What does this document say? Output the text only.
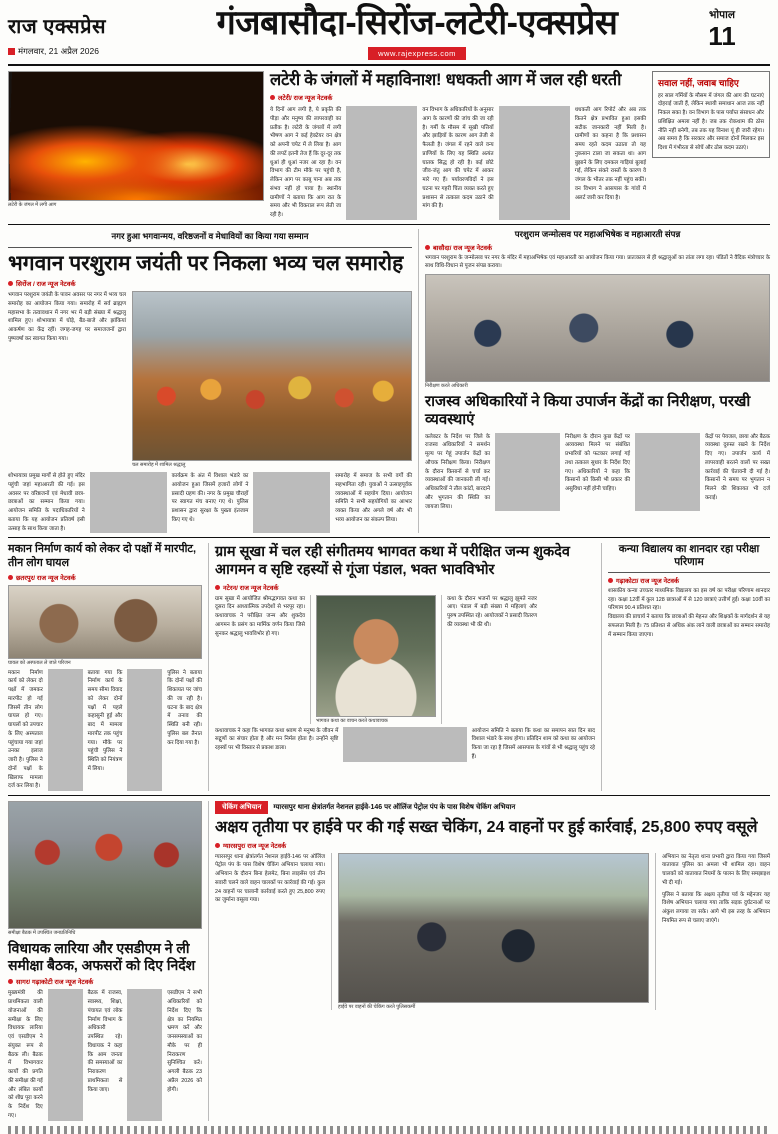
राज एक्सप्रेस
मंगलवार, 21 अप्रैल 2026
गंजबासौदा-सिरोंज-लटेरी-एक्सप्रेस
www.rajexpress.com
भोपाल
11
लटेरी के जंगल में लगी आग
लटेरी के जंगलों में महाविनाश! धधकती आग में जल रही धरती
लटेरी/ राज न्यूज नेटवर्क
ये दिनों आग लगी है, ये प्रकृति की पीड़ा और मनुष्य की लापरवाही का प्रतीक है। लटेरी के जंगलों में लगी भीषण आग ने कई हेक्टेयर वन क्षेत्र को अपनी चपेट में ले लिया है। आग की लपटें इतनी तेज हैं कि दूर-दूर तक धुआं ही धुआं नजर आ रहा है। वन विभाग की टीम मौके पर पहुंची है, लेकिन आग पर काबू पाना अब तक संभव नहीं हो पाया है। स्थानीय ग्रामीणों ने बताया कि आग रात के समय और भी विकराल रूप लेती जा रही है।
वन विभाग के अधिकारियों के अनुसार आग के कारणों की जांच की जा रही है। गर्मी के मौसम में सूखी पत्तियों और झाड़ियों के कारण आग तेजी से फैलती है। जंगल में रहने वाले वन्य प्राणियों के लिए यह स्थिति अत्यंत घातक सिद्ध हो रही है। कई छोटे जीव-जंतु आग की चपेट में आकर मारे गए हैं। पर्यावरणविदों ने इस घटना पर गहरी चिंता व्यक्त करते हुए प्रशासन से तत्काल कदम उठाने की मांग की है।
धधकती आग रिपोर्ट और अब तक कितने क्षेत्र प्रभावित हुआ इसकी सटीक जानकारी नहीं मिली है। ग्रामीणों का कहना है कि प्रशासन समय रहते कदम उठाता तो यह नुकसान टाला जा सकता था। आग बुझाने के लिए दमकल गाड़ियां बुलाई गईं, लेकिन संकरे रास्तों के कारण वे जंगल के भीतर तक नहीं पहुंच सकीं। वन विभाग ने आसपास के गांवों में अलर्ट जारी कर दिया है।
सवाल नहीं, जवाब चाहिए
हर साल गर्मियों के मौसम में जंगल की आग की घटनाएं दोहराई जाती हैं, लेकिन स्थायी समाधान आज तक नहीं निकल सका है। वन विभाग के पास पर्याप्त संसाधन और प्रशिक्षित अमला नहीं है। जब तक रोकथाम की ठोस नीति नहीं बनेगी, तब तक यह विनाश यूं ही जारी रहेगा। अब समय है कि सरकार और समाज दोनों मिलकर इस दिशा में गंभीरता से सोचें और ठोस कदम उठाएं।
नगर हुआ भगवान्मय, वरिष्ठजनों व मेधावियों का किया गया सम्मान
भगवान परशुराम जयंती पर निकला भव्य चल समारोह
सिरोंज / राज न्यूज नेटवर्क
भगवान परशुराम जयंती के पावन अवसर पर नगर में भव्य चल समारोह का आयोजन किया गया। समारोह में सर्व ब्राह्मण महासभा के तत्वावधान में नगर भर में बड़ी संख्या में श्रद्धालु शामिल हुए। शोभायात्रा में घोड़े, बैंड-बाजे और झांकियां आकर्षण का केंद्र रहीं। जगह-जगह पर समाजजनों द्वारा पुष्पवर्षा कर स्वागत किया गया।
चल समारोह में शामिल श्रद्धालु
शोभायात्रा प्रमुख मार्गों से होते हुए मंदिर पहुंची जहां महाआरती की गई। इस अवसर पर वरिष्ठजनों एवं मेधावी छात्र-छात्राओं का सम्मान किया गया। आयोजन समिति के पदाधिकारियों ने बताया कि यह आयोजन प्रतिवर्ष इसी उत्साह के साथ किया जाता है।
कार्यक्रम के अंत में विशाल भंडारे का आयोजन हुआ जिसमें हजारों लोगों ने प्रसादी ग्रहण की। नगर के प्रमुख चौराहों पर स्वागत मंच बनाए गए थे। पुलिस प्रशासन द्वारा सुरक्षा के पुख्ता इंतजाम किए गए थे।
समारोह में समाज के सभी वर्गों की सहभागिता रही। युवाओं ने उत्साहपूर्वक व्यवस्थाओं में सहयोग दिया। आयोजन समिति ने सभी सहयोगियों का आभार व्यक्त किया और अगले वर्ष और भी भव्य आयोजन का संकल्प लिया।
परशुराम जन्मोत्सव पर महाअभिषेक व महाआरती संपन्न
बासौदा/ राज न्यूज नेटवर्क
भगवान परशुराम के जन्मोत्सव पर नगर के मंदिर में महाअभिषेक एवं महाआरती का आयोजन किया गया। प्रातःकाल से ही श्रद्धालुओं का तांता लगा रहा। पंडितों ने वैदिक मंत्रोच्चार के साथ विधि-विधान से पूजन संपन्न कराया।
निरीक्षण करते अधिकारी
राजस्व अधिकारियों ने किया उपार्जन केंद्रों का निरीक्षण, परखी व्यवस्थाएं
कलेक्टर के निर्देश पर जिले के राजस्व अधिकारियों ने समर्थन मूल्य पर गेहूं उपार्जन केंद्रों का औचक निरीक्षण किया। निरीक्षण के दौरान किसानों से चर्चा कर व्यवस्थाओं की जानकारी ली गई। अधिकारियों ने तौल कांटों, बारदाने और भुगतान की स्थिति का जायजा लिया।
निरीक्षण के दौरान कुछ केंद्रों पर अव्यवस्था मिलने पर संबंधित प्रभारियों को फटकार लगाई गई तथा तत्काल सुधार के निर्देश दिए गए। अधिकारियों ने कहा कि किसानों को किसी भी प्रकार की असुविधा नहीं होनी चाहिए।
केंद्रों पर पेयजल, छाया और बैठक व्यवस्था दुरुस्त रखने के निर्देश दिए गए। उपार्जन कार्य में लापरवाही बरतने वालों पर सख्त कार्रवाई की चेतावनी दी गई है। किसानों ने समय पर भुगतान न मिलने की शिकायत भी दर्ज कराई।
मकान निर्माण कार्य को लेकर दो पक्षों में मारपीट, तीन लोग घायल
छतरपुर/ राज न्यूज नेटवर्क
घायल को अस्पताल ले जाते परिजन
मकान निर्माण कार्य को लेकर दो पक्षों में जमकर मारपीट हो गई जिसमें तीन लोग घायल हो गए। घायलों को उपचार के लिए अस्पताल पहुंचाया गया जहां उनका इलाज जारी है। पुलिस ने दोनों पक्षों के खिलाफ मामला दर्ज कर लिया है।
बताया गया कि निर्माण कार्य के समय सीमा विवाद को लेकर दोनों पक्षों में पहले कहासुनी हुई और बाद में मामला मारपीट तक पहुंच गया। मौके पर पहुंची पुलिस ने स्थिति को नियंत्रण में लिया।
पुलिस ने बताया कि दोनों पक्षों की शिकायत पर जांच की जा रही है। घटना के बाद क्षेत्र में तनाव की स्थिति बनी रही। पुलिस बल तैनात कर दिया गया है।
ग्राम सूखा में चल रही संगीतमय भागवत कथा में परीक्षित जन्म शुकदेव आगमन व सृष्टि रहस्यों से गूंजा पंडाल, भक्त भावविभोर
नटेरन/ राज न्यूज नेटवर्क
ग्राम सूखा में आयोजित श्रीमद्भागवत कथा का दूसरा दिन आध्यात्मिक उपदेशों से भरपूर रहा। कथावाचक ने परीक्षित जन्म और शुकदेव आगमन के प्रसंग का मार्मिक वर्णन किया जिसे सुनकर श्रद्धालु भावविभोर हो गए।
भागवत कथा का वाचन करते कथावाचक
कथा के दौरान भजनों पर श्रद्धालु झूमते नजर आए। पंडाल में बड़ी संख्या में महिलाएं और पुरुष उपस्थित रहे। आयोजकों ने प्रसादी वितरण की व्यवस्था भी की थी।
कथावाचक ने कहा कि भागवत कथा श्रवण से मनुष्य के जीवन में सद्गुणों का संचार होता है और मन निर्मल होता है। उन्होंने सृष्टि रहस्यों पर भी विस्तार से प्रकाश डाला।
आयोजन समिति ने बताया कि कथा का समापन सात दिन बाद विशाल भंडारे के साथ होगा। प्रतिदिन शाम को कथा का आयोजन किया जा रहा है जिसमें आसपास के गांवों से भी श्रद्धालु पहुंच रहे हैं।
कन्या विद्यालय का शानदार रहा परीक्षा परिणाम
गढ़ाकोटा/ राज न्यूज नेटवर्क
शासकीय कन्या उच्चतर माध्यमिक विद्यालय का इस वर्ष का परीक्षा परिणाम शानदार रहा। कक्षा 12वीं में कुल 128 छात्राओं में से 120 छात्राएं उत्तीर्ण हुईं। कक्षा 10वीं का परिणाम 90.4 प्रतिशत रहा।
विद्यालय की प्राचार्य ने बताया कि छात्राओं की मेहनत और शिक्षकों के मार्गदर्शन से यह सफलता मिली है। 75 प्रतिशत से अधिक अंक लाने वाली छात्राओं का सम्मान समारोह में सम्मान किया जाएगा।
समीक्षा बैठक में उपस्थित जनप्रतिनिधि
विधायक लारिया और एसडीएम ने ली समीक्षा बैठक, अफसरों को दिए निर्देश
सागर/ गढ़ाकोटी राज न्यूज नेटवर्क
मुख्यमंत्री की प्राथमिकता वाली योजनाओं की समीक्षा के लिए विधायक लारिया एवं एसडीएम ने संयुक्त रूप से बैठक ली। बैठक में विभागवार कार्यों की प्रगति की समीक्षा की गई और लंबित कार्यों को शीघ्र पूरा करने के निर्देश दिए गए।
बैठक में राजस्व, स्वास्थ्य, शिक्षा, पंचायत एवं लोक निर्माण विभाग के अधिकारी उपस्थित रहे। विधायक ने कहा कि आम जनता की समस्याओं का निराकरण प्राथमिकता से किया जाए।
एसडीएम ने सभी अधिकारियों को निर्देश दिए कि क्षेत्र का नियमित भ्रमण करें और जनसमस्याओं का मौके पर ही निराकरण सुनिश्चित करें। अगली बैठक 23 अप्रैल 2026 को होगी।
चेकिंग अभियान	ग्यारसपुर थाना क्षेत्रांतर्गत नेशनल हाईवे-146 पर ऑलिंज पेट्रोल पंप के पास विशेष चेकिंग अभियान
अक्षय तृतीया पर हाईवे पर की गई सख्त चेकिंग, 24 वाहनों पर हुई कार्रवाई, 25,800 रुपए वसूले
ग्यारसपुर/ राज न्यूज नेटवर्क
ग्यारसपुर थाना क्षेत्रांतर्गत नेशनल हाईवे-146 पर ऑलिंज पेट्रोल पंप के पास विशेष चेकिंग अभियान चलाया गया। अभियान के दौरान बिना हेलमेट, बिना लाइसेंस एवं तीन सवारी चलने वाले वाहन चालकों पर कार्रवाई की गई। कुल 24 वाहनों पर चालानी कार्रवाई करते हुए 25,800 रुपए का जुर्माना वसूला गया।
हाईवे पर वाहनों की चेकिंग करते पुलिसकर्मी

अभियान का नेतृत्व थाना प्रभारी द्वारा किया गया जिसमें यातायात पुलिस का अमला भी शामिल रहा। वाहन चालकों को यातायात नियमों के पालन के लिए समझाइश भी दी गई।

पुलिस ने बताया कि अक्षय तृतीया पर्व के मद्देनजर यह विशेष अभियान चलाया गया ताकि सड़क दुर्घटनाओं पर अंकुश लगाया जा सके। आगे भी इस तरह के अभियान नियमित रूप से चलाए जाएंगे।
